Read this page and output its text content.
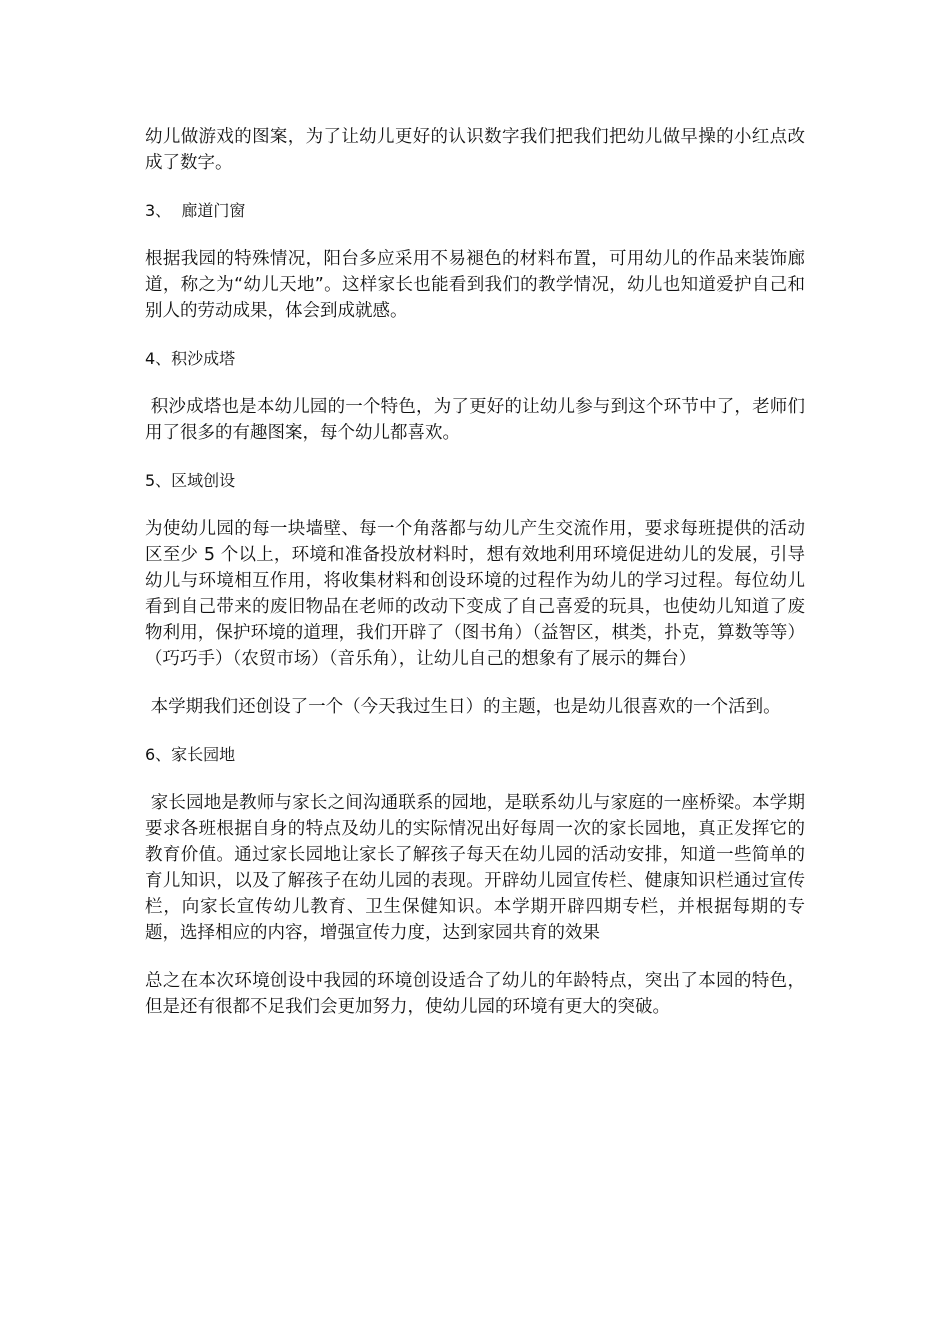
幼儿做游戏的图案，为了让幼儿更好的认识数字我们把我们把幼儿做早操的小红点改成了数字。

3、  廊道门窗

根据我园的特殊情况，阳台多应采用不易褪色的材料布置，可用幼儿的作品来装饰廊道，称之为“幼儿天地”。这样家长也能看到我们的教学情况，幼儿也知道爱护自己和别人的劳动成果，体会到成就感。

4、积沙成塔

积沙成塔也是本幼儿园的一个特色，为了更好的让幼儿参与到这个环节中了，老师们用了很多的有趣图案，每个幼儿都喜欢。

5、区域创设

为使幼儿园的每一块墙壁、每一个角落都与幼儿产生交流作用，要求每班提供的活动区至少 5 个以上，环境和准备投放材料时，想有效地利用环境促进幼儿的发展，引导幼儿与环境相互作用，将收集材料和创设环境的过程作为幼儿的学习过程。每位幼儿看到自己带来的废旧物品在老师的改动下变成了自己喜爱的玩具，也使幼儿知道了废物利用，保护环境的道理，我们开辟了（图书角）（益智区，棋类，扑克，算数等等）（巧巧手）（农贸市场）（音乐角），让幼儿自己的想象有了展示的舞台）

本学期我们还创设了一个（今天我过生日）的主题，也是幼儿很喜欢的一个活到。

6、家长园地

家长园地是教师与家长之间沟通联系的园地，是联系幼儿与家庭的一座桥梁。本学期要求各班根据自身的特点及幼儿的实际情况出好每周一次的家长园地，真正发挥它的教育价值。通过家长园地让家长了解孩子每天在幼儿园的活动安排，知道一些简单的育儿知识，以及了解孩子在幼儿园的表现。开辟幼儿园宣传栏、健康知识栏通过宣传栏，向家长宣传幼儿教育、卫生保健知识。本学期开辟四期专栏，并根据每期的专题，选择相应的内容，增强宣传力度，达到家园共育的效果

总之在本次环境创设中我园的环境创设适合了幼儿的年龄特点，突出了本园的特色，但是还有很都不足我们会更加努力，使幼儿园的环境有更大的突破。
